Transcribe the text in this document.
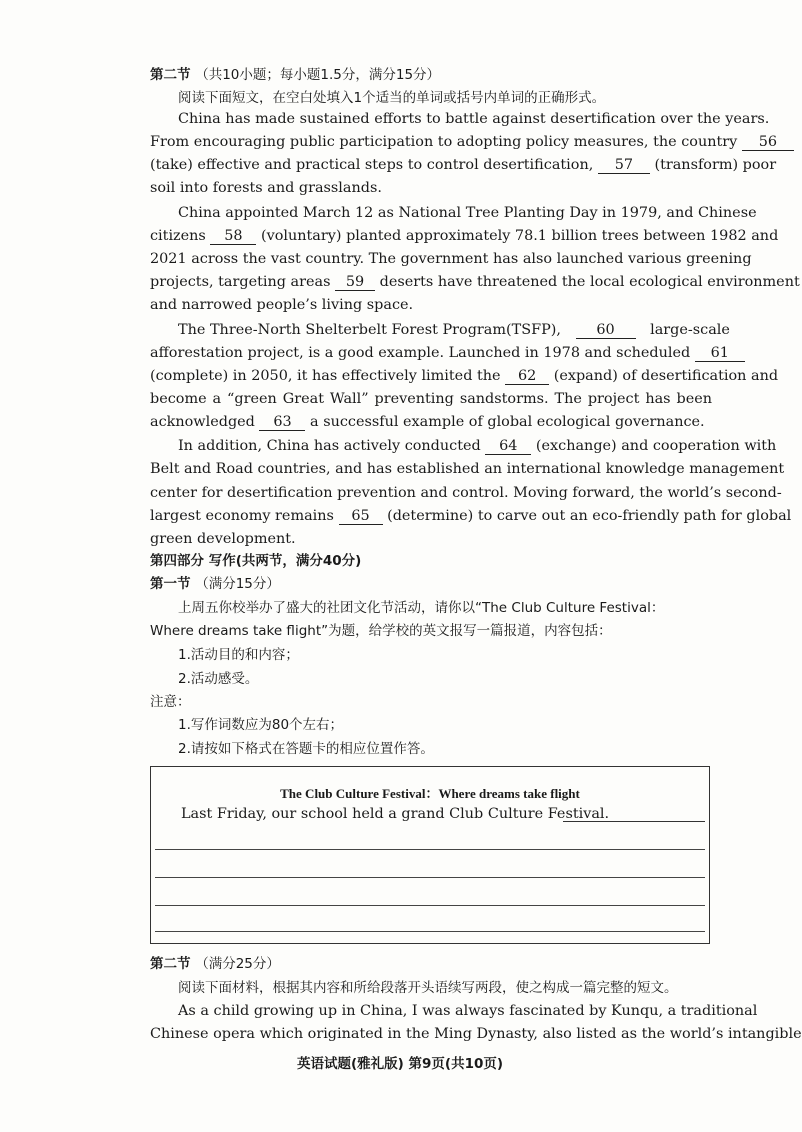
第二节 （共10小题；每小题1.5分，满分15分）
阅读下面短文，在空白处填入1个适当的单词或括号内单词的正确形式。
China has made sustained efforts to battle against desertification over the years.
From encouraging public participation to adopting policy measures, the country 56
(take) effective and practical steps to control desertification, 57 (transform) poor
soil into forests and grasslands.
China appointed March 12 as National Tree Planting Day in 1979, and Chinese
citizens 58 (voluntary) planted approximately 78.1 billion trees between 1982 and
2021 across the vast country. The government has also launched various greening
projects, targeting areas 59 deserts have threatened the local ecological environment
and narrowed people’s living space.
The Three-North Shelterbelt Forest Program(TSFP), 60 large-scale
afforestation project, is a good example. Launched in 1978 and scheduled 61
(complete) in 2050, it has effectively limited the 62 (expand) of desertification and
become a “green Great Wall” preventing sandstorms. The project has been
acknowledged 63 a successful example of global ecological governance.
In addition, China has actively conducted 64 (exchange) and cooperation with
Belt and Road countries, and has established an international knowledge management
center for desertification prevention and control. Moving forward, the world’s second-
largest economy remains 65 (determine) to carve out an eco-friendly path for global
green development.
第四部分 写作(共两节，满分40分)
第一节 （满分15分）
上周五你校举办了盛大的社团文化节活动，请你以“The Club Culture Festival：
Where dreams take flight”为题，给学校的英文报写一篇报道，内容包括：
1.活动目的和内容；
2.活动感受。
注意：
1.写作词数应为80个左右；
2.请按如下格式在答题卡的相应位置作答。
The Club Culture Festival：Where dreams take flight
Last Friday, our school held a grand Club Culture Festival.
第二节 （满分25分）
阅读下面材料，根据其内容和所给段落开头语续写两段，使之构成一篇完整的短文。
As a child growing up in China, I was always fascinated by Kunqu, a traditional
Chinese opera which originated in the Ming Dynasty, also listed as the world’s intangible
英语试题(雅礼版) 第9页(共10页)
